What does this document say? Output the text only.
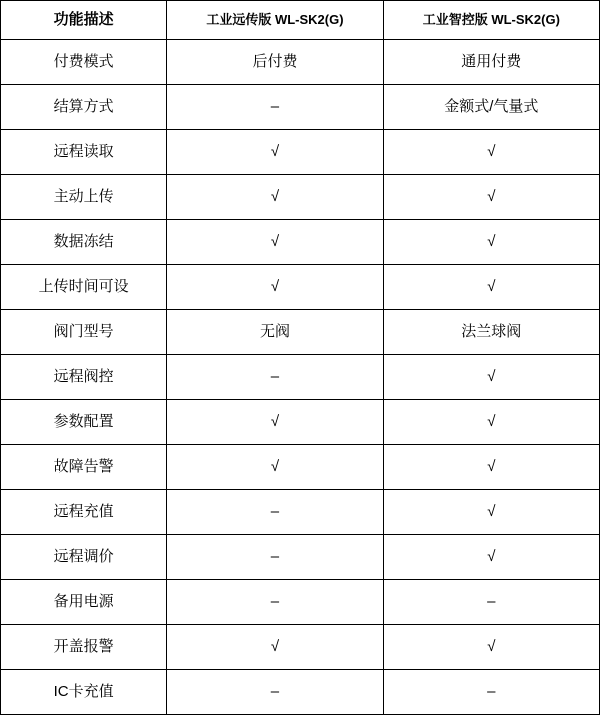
功能描述	工业远传版 WL-SK2(G)	工业智控版 WL-SK2(G)
付费模式	后付费	通用付费
结算方式	–	金额式/气量式
远程读取	√	√
主动上传	√	√
数据冻结	√	√
上传时间可设	√	√
阀门型号	无阀	法兰球阀
远程阀控	–	√
参数配置	√	√
故障告警	√	√
远程充值	–	√
远程调价	–	√
备用电源	–	–
开盖报警	√	√
IC卡充值	–	–
